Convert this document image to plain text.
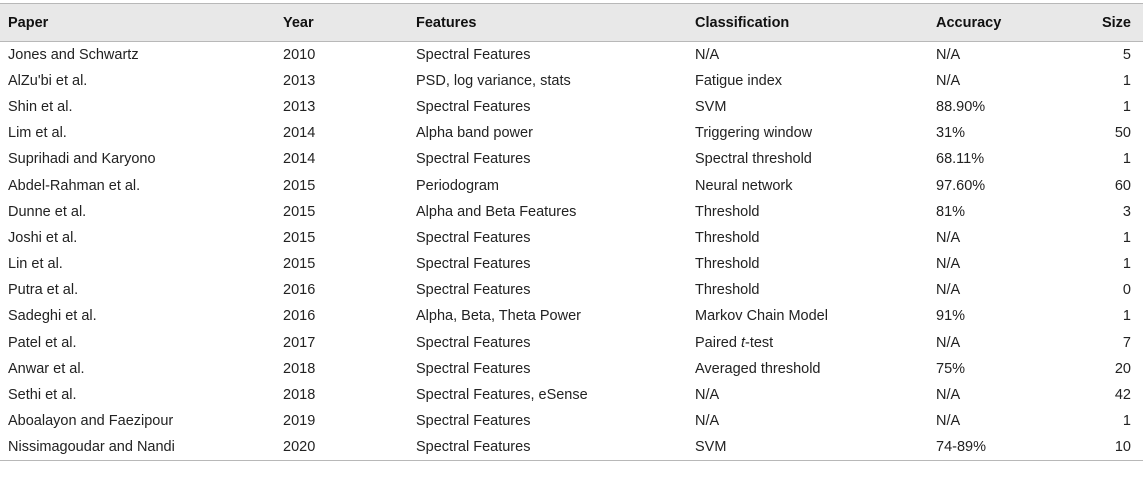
Paper	Year	Features	Classification	Accuracy	Size
Jones and Schwartz	2010	Spectral Features	N/A	N/A	5
AlZu'bi et al.	2013	PSD, log variance, stats	Fatigue index	N/A	1
Shin et al.	2013	Spectral Features	SVM	88.90%	1
Lim et al.	2014	Alpha band power	Triggering window	31%	50
Suprihadi and Karyono	2014	Spectral Features	Spectral threshold	68.11%	1
Abdel-Rahman et al.	2015	Periodogram	Neural network	97.60%	60
Dunne et al.	2015	Alpha and Beta Features	Threshold	81%	3
Joshi et al.	2015	Spectral Features	Threshold	N/A	1
Lin et al.	2015	Spectral Features	Threshold	N/A	1
Putra et al.	2016	Spectral Features	Threshold	N/A	0
Sadeghi et al.	2016	Alpha, Beta, Theta Power	Markov Chain Model	91%	1
Patel et al.	2017	Spectral Features	Paired t-test	N/A	7
Anwar et al.	2018	Spectral Features	Averaged threshold	75%	20
Sethi et al.	2018	Spectral Features, eSense	N/A	N/A	42
Aboalayon and Faezipour	2019	Spectral Features	N/A	N/A	1
Nissimagoudar and Nandi	2020	Spectral Features	SVM	74-89%	10
